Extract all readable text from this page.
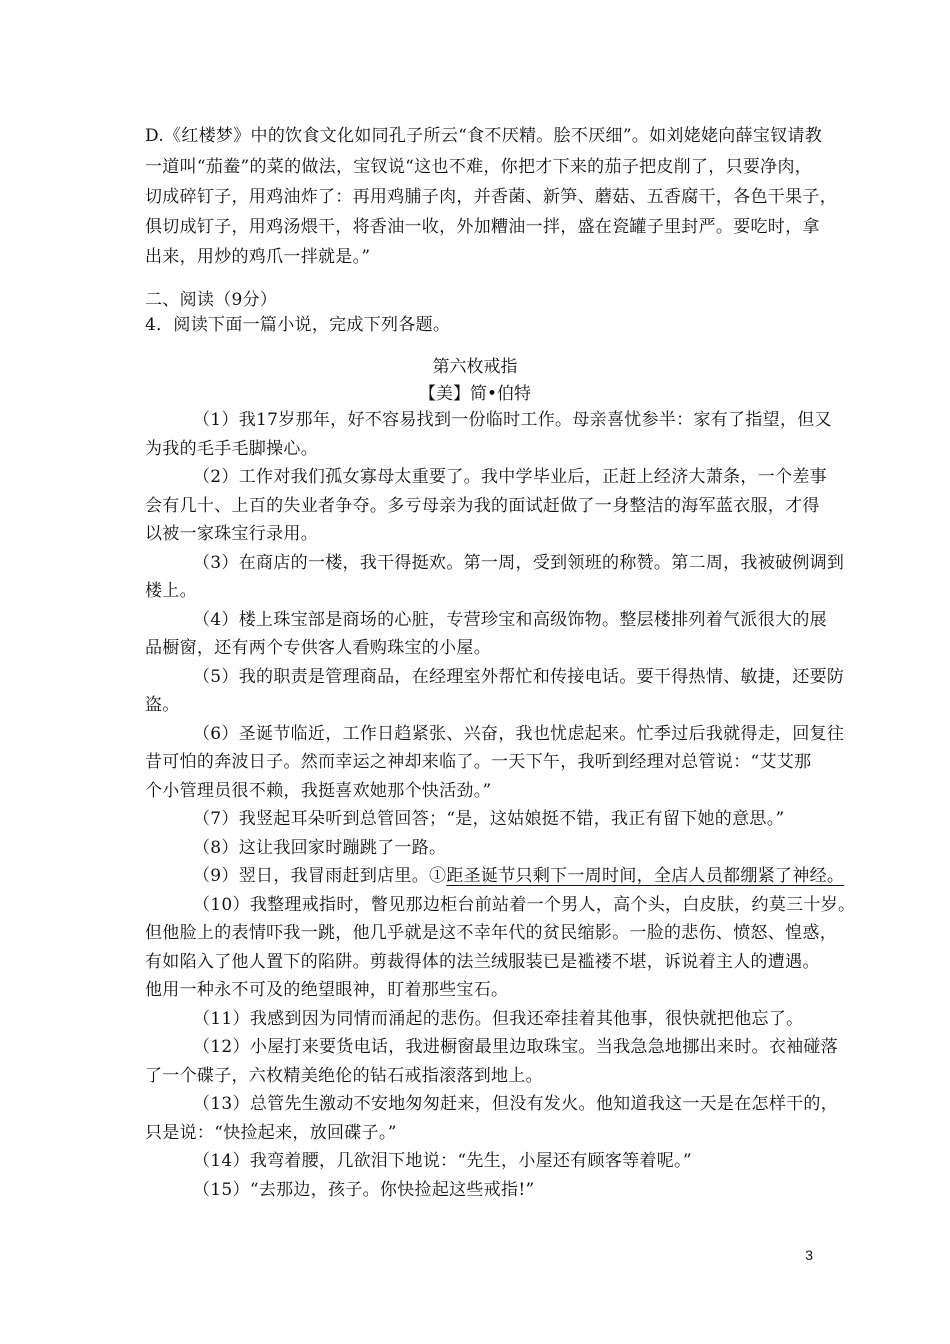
D.《红楼梦》中的饮食文化如同孔子所云“食不厌精。脍不厌细”。如刘姥姥向薛宝钗请教
一道叫“茄鲞”的菜的做法，宝钗说“这也不难，你把才下来的茄子把皮削了，只要净肉，
切成碎钉子，用鸡油炸了：再用鸡脯子肉，并香菌、新笋、蘑菇、五香腐干，各色干果子，
俱切成钉子，用鸡汤煨干，将香油一收，外加糟油一拌，盛在瓷罐子里封严。要吃时，拿
出来，用炒的鸡爪一拌就是。”
二、阅读（9分）
4．阅读下面一篇小说，完成下列各题。
第六枚戒指
【美】简•伯特
（1）我17岁那年，好不容易找到一份临时工作。母亲喜忧参半：家有了指望，但又
为我的毛手毛脚操心。
（2）工作对我们孤女寡母太重要了。我中学毕业后，正赶上经济大萧条，一个差事
会有几十、上百的失业者争夺。多亏母亲为我的面试赶做了一身整洁的海军蓝衣服，才得
以被一家珠宝行录用。
（3）在商店的一楼，我干得挺欢。第一周，受到领班的称赞。第二周，我被破例调到
楼上。
（4）楼上珠宝部是商场的心脏，专营珍宝和高级饰物。整层楼排列着气派很大的展
品橱窗，还有两个专供客人看购珠宝的小屋。
（5）我的职责是管理商品，在经理室外帮忙和传接电话。要干得热情、敏捷，还要防
盗。
（6）圣诞节临近，工作日趋紧张、兴奋，我也忧虑起来。忙季过后我就得走，回复往
昔可怕的奔波日子。然而幸运之神却来临了。一天下午，我听到经理对总管说：“艾艾那
个小管理员很不赖，我挺喜欢她那个快活劲。”
（7）我竖起耳朵听到总管回答；“是，这姑娘挺不错，我正有留下她的意思。”
（8）这让我回家时蹦跳了一路。
（9）翌日，我冒雨赶到店里。①距圣诞节只剩下一周时间，全店人员都绷紧了神经。
（10）我整理戒指时，瞥见那边柜台前站着一个男人，高个头，白皮肤，约莫三十岁。
但他脸上的表情吓我一跳，他几乎就是这不幸年代的贫民缩影。一脸的悲伤、愤怒、惶惑，
有如陷入了他人置下的陷阱。剪裁得体的法兰绒服装已是褴褛不堪，诉说着主人的遭遇。
他用一种永不可及的绝望眼神，盯着那些宝石。
（11）我感到因为同情而涌起的悲伤。但我还牵挂着其他事，很快就把他忘了。
（12）小屋打来要货电话，我进橱窗最里边取珠宝。当我急急地挪出来时。衣袖碰落
了一个碟子，六枚精美绝伦的钻石戒指滚落到地上。
（13）总管先生激动不安地匆匆赶来，但没有发火。他知道我这一天是在怎样干的，
只是说：“快捡起来，放回碟子。”
（14）我弯着腰，几欲泪下地说：“先生，小屋还有顾客等着呢。”
（15）“去那边，孩子。你快捡起这些戒指!”
3
